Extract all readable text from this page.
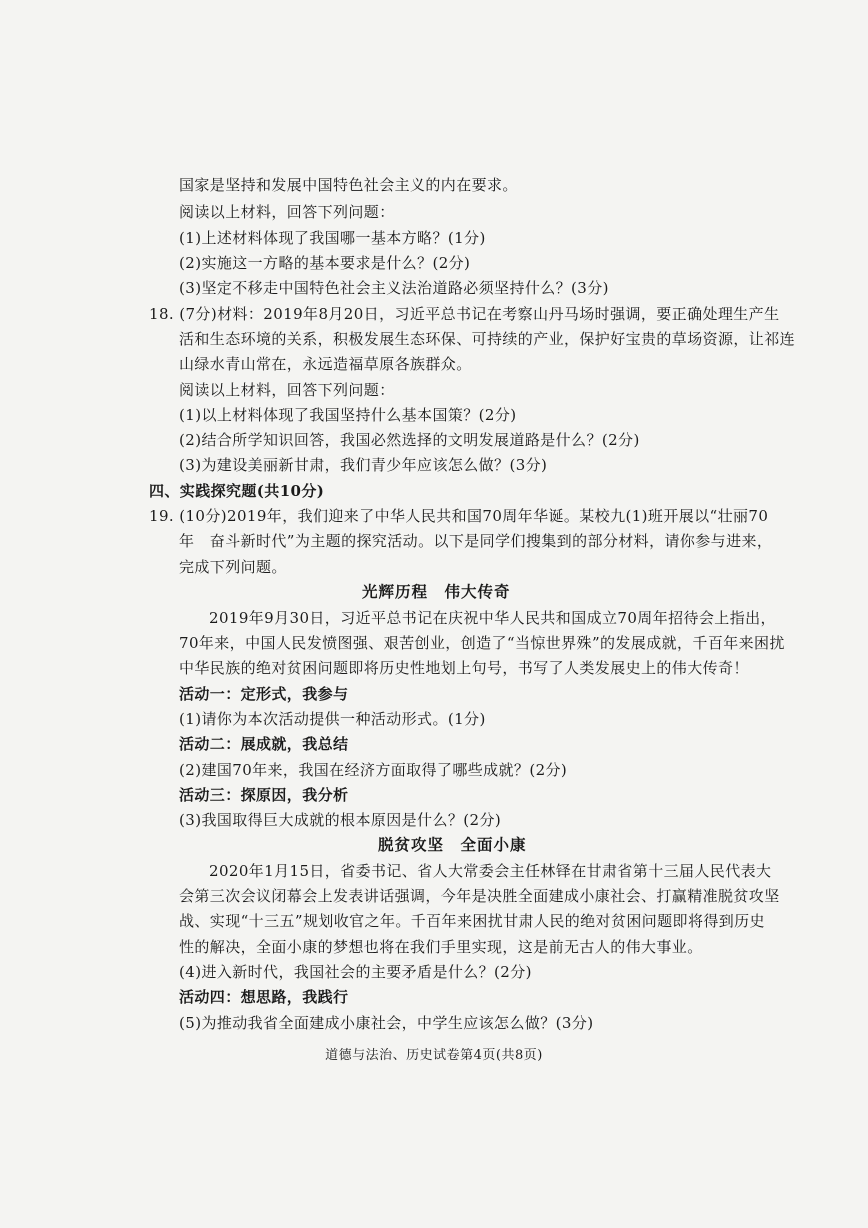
国家是坚持和发展中国特色社会主义的内在要求。

阅读以上材料，回答下列问题：

(1)上述材料体现了我国哪一基本方略？(1分)

(2)实施这一方略的基本要求是什么？(2分)

(3)坚定不移走中国特色社会主义法治道路必须坚持什么？(3分)

18. (7分)材料：2019年8月20日，习近平总书记在考察山丹马场时强调，要正确处理生产生

活和生态环境的关系，积极发展生态环保、可持续的产业，保护好宝贵的草场资源，让祁连

山绿水青山常在，永远造福草原各族群众。

阅读以上材料，回答下列问题：

(1)以上材料体现了我国坚持什么基本国策？(2分)

(2)结合所学知识回答，我国必然选择的文明发展道路是什么？(2分)

(3)为建设美丽新甘肃，我们青少年应该怎么做？(3分)

四、实践探究题(共10分)

19. (10分)2019年，我们迎来了中华人民共和国70周年华诞。某校九(1)班开展以“壮丽70

年　奋斗新时代”为主题的探究活动。以下是同学们搜集到的部分材料，请你参与进来，

完成下列问题。

光辉历程　伟大传奇

2019年9月30日，习近平总书记在庆祝中华人民共和国成立70周年招待会上指出，

70年来，中国人民发愤图强、艰苦创业，创造了“当惊世界殊”的发展成就，千百年来困扰

中华民族的绝对贫困问题即将历史性地划上句号，书写了人类发展史上的伟大传奇！

活动一：定形式，我参与

(1)请你为本次活动提供一种活动形式。(1分)

活动二：展成就，我总结

(2)建国70年来，我国在经济方面取得了哪些成就？(2分)

活动三：探原因，我分析

(3)我国取得巨大成就的根本原因是什么？(2分)

脱贫攻坚　全面小康

2020年1月15日，省委书记、省人大常委会主任林铎在甘肃省第十三届人民代表大

会第三次会议闭幕会上发表讲话强调，今年是决胜全面建成小康社会、打赢精准脱贫攻坚

战、实现“十三五”规划收官之年。千百年来困扰甘肃人民的绝对贫困问题即将得到历史

性的解决，全面小康的梦想也将在我们手里实现，这是前无古人的伟大事业。

(4)进入新时代，我国社会的主要矛盾是什么？(2分)

活动四：想思路，我践行

(5)为推动我省全面建成小康社会，中学生应该怎么做？(3分)

道德与法治、历史试卷第4页(共8页)
